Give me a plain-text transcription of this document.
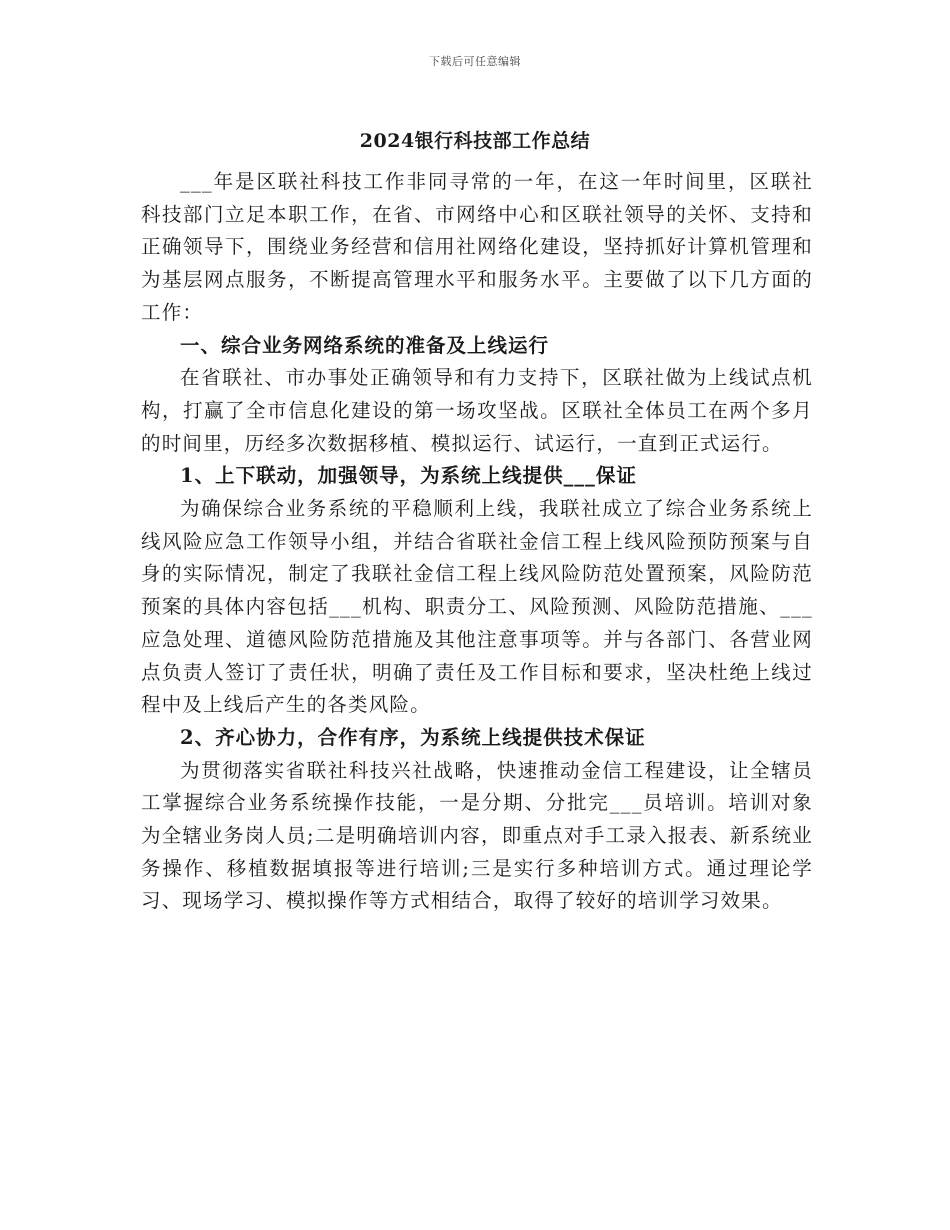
下载后可任意编辑
2024银行科技部工作总结

___年是区联社科技工作非同寻常的一年，在这一年时间里，区联社科技部门立足本职工作，在省、市网络中心和区联社领导的关怀、支持和正确领导下，围绕业务经营和信用社网络化建设，坚持抓好计算机管理和为基层网点服务，不断提高管理水平和服务水平。主要做了以下几方面的工作：

一、综合业务网络系统的准备及上线运行

在省联社、市办事处正确领导和有力支持下，区联社做为上线试点机构，打赢了全市信息化建设的第一场攻坚战。区联社全体员工在两个多月的时间里，历经多次数据移植、模拟运行、试运行，一直到正式运行。

1、上下联动，加强领导，为系统上线提供___保证

为确保综合业务系统的平稳顺利上线，我联社成立了综合业务系统上线风险应急工作领导小组，并结合省联社金信工程上线风险预防预案与自身的实际情况，制定了我联社金信工程上线风险防范处置预案，风险防范预案的具体内容包括___机构、职责分工、风险预测、风险防范措施、___应急处理、道德风险防范措施及其他注意事项等。并与各部门、各营业网点负责人签订了责任状，明确了责任及工作目标和要求，坚决杜绝上线过程中及上线后产生的各类风险。

2、齐心协力，合作有序，为系统上线提供技术保证

为贯彻落实省联社科技兴社战略，快速推动金信工程建设，让全辖员工掌握综合业务系统操作技能，一是分期、分批完___员培训。培训对象为全辖业务岗人员;二是明确培训内容，即重点对手工录入报表、新系统业务操作、移植数据填报等进行培训;三是实行多种培训方式。通过理论学习、现场学习、模拟操作等方式相结合，取得了较好的培训学习效果。
